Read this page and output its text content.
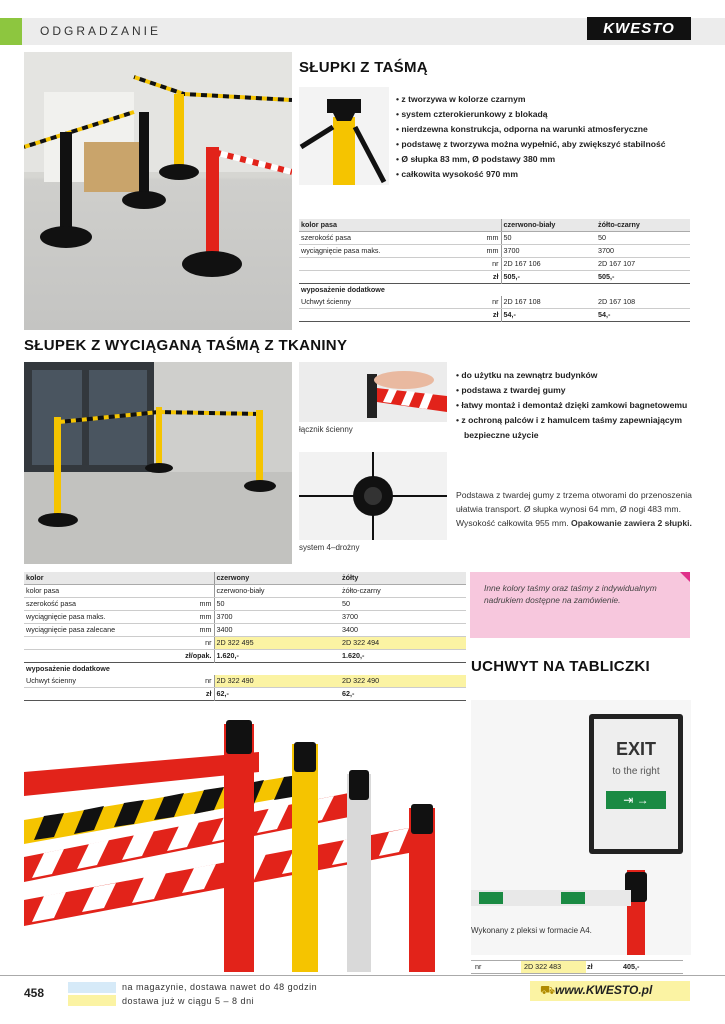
ODGRADZANIE	KWESTO
SŁUPKI Z TAŚMĄ
• z tworzywa w kolorze czarnym
• system czterokierunkowy z blokadą
• nierdzewna konstrukcja, odporna na warunki atmosferyczne
• podstawę z tworzywa można wypełnić, aby zwiększyć stabilność
• Ø słupka 83 mm, Ø podstawy 380 mm
• całkowita wysokość 970 mm
kolor pasa		czerwono-biały	żółto-czarny
szerokość pasa	mm	50	50
wyciągnięcie pasa maks.	mm	3700	3700
	nr	2D 167 106	2D 167 107
	zł	505,-	505,-
wyposażenie dodatkowe			
Uchwyt ścienny	nr	2D 167 108	2D 167 108
	zł	54,-	54,-
SŁUPEK Z WYCIĄGANĄ TAŚMĄ Z TKANINY
łącznik ścienny
system 4–drożny
• do użytku na zewnątrz budynków
• podstawa z twardej gumy
• łatwy montaż i demontaż dzięki zamkowi bagnetowemu
• z ochroną palców i z hamulcem taśmy zapewniającym bezpieczne użycie
Podstawa z twardej gumy z trzema otworami do przenoszenia ułatwia transport. Ø słupka wynosi 64 mm, Ø nogi 483 mm. Wysokość całkowita 955 mm. Opakowanie zawiera 2 słupki.
kolor		czerwony	żółty
kolor pasa		czerwono-biały	żółto-czarny
szerokość pasa	mm	50	50
wyciągnięcie pasa maks.	mm	3700	3700
wyciągnięcie pasa zalecane	mm	3400	3400
	nr	2D 322 495	2D 322 494
	zł/opak.	1.620,-	1.620,-
wyposażenie dodatkowe			
Uchwyt ścienny	nr	2D 322 490	2D 322 490
	zł	62,-	62,-
Inne kolory taśmy oraz taśmy z indywidualnym nadrukiem dostępne na zamówienie.
UCHWYT NA TABLICZKI
EXIT
to the right
⇥ →
Wykonany z pleksi w formacie A4.
nr	2D 322 483	zł	405,-
458	na magazynie, dostawa nawet do 48 godzin
dostawa już w ciągu 5 – 8 dni
⛟ www.KWESTO.pl
